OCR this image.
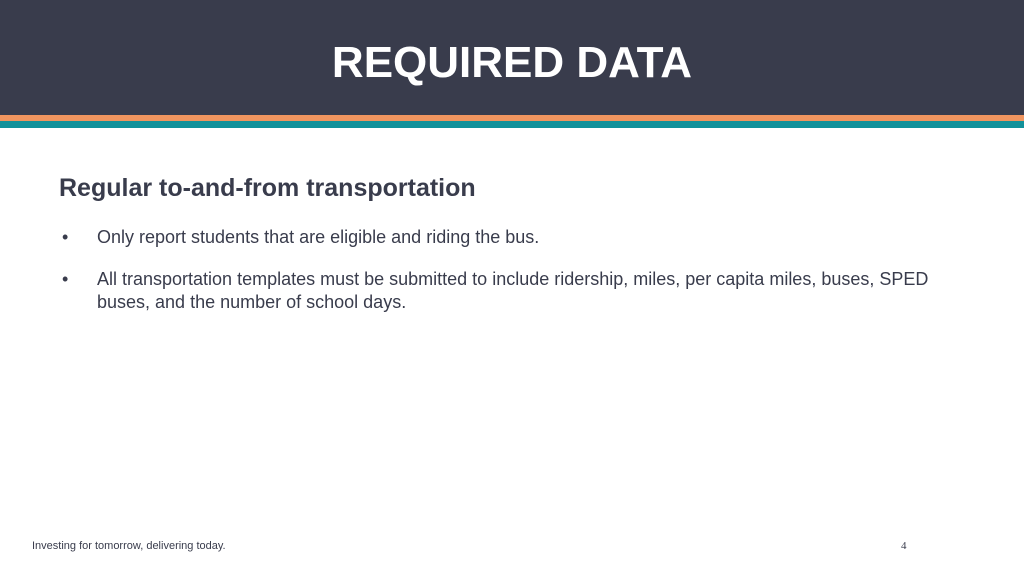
REQUIRED DATA
Regular to-and-from transportation
• Only report students that are eligible and riding the bus.
• All transportation templates must be submitted to include ridership, miles, per capita miles, buses, SPED buses, and the number of school days.
Investing for tomorrow, delivering today.	4
